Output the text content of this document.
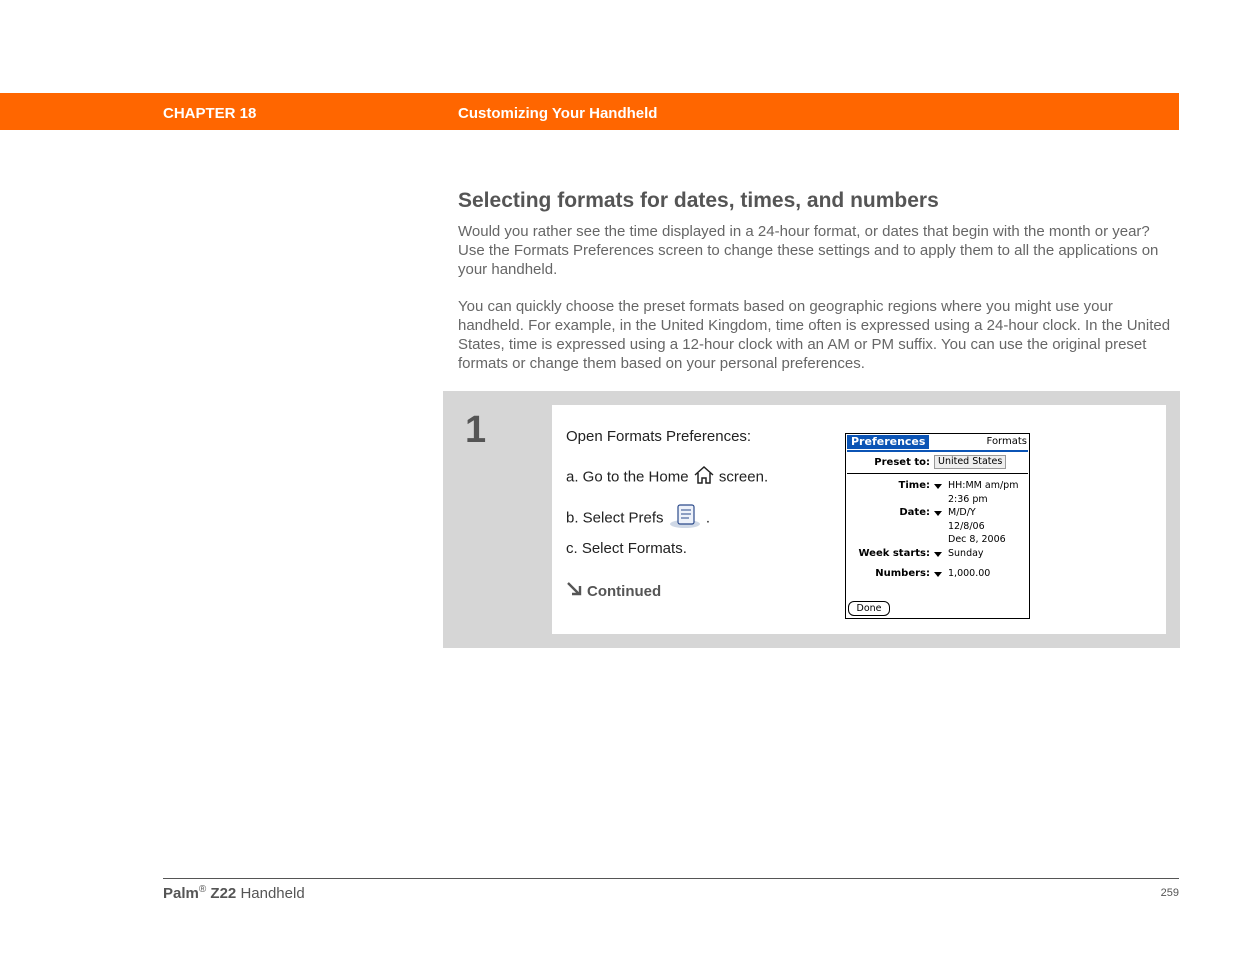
CHAPTER 18	Customizing Your Handheld
Selecting formats for dates, times, and numbers

Would you rather see the time displayed in a 24-hour format, or dates that begin with the month or year? Use the Formats Preferences screen to change these settings and to apply them to all the applications on your handheld.

You can quickly choose the preset formats based on geographic regions where you might use your handheld. For example, in the United Kingdom, time often is expressed using a 24-hour clock. In the United States, time is expressed using a 12-hour clock with an AM or PM suffix. You can use the original preset formats or change them based on your personal preferences.

1	Open Formats Preferences:
a. Go to the Home screen.
b. Select Prefs	.
c. Select Formats.
Continued
Preferences	Formats
Preset to: United States
Time: HH:MM am/pm
2:36 pm
Date: M/D/Y
12/8/06
Dec 8, 2006
Week starts: Sunday
Numbers: 1,000.00
Done
Palm® Z22 Handheld	259
